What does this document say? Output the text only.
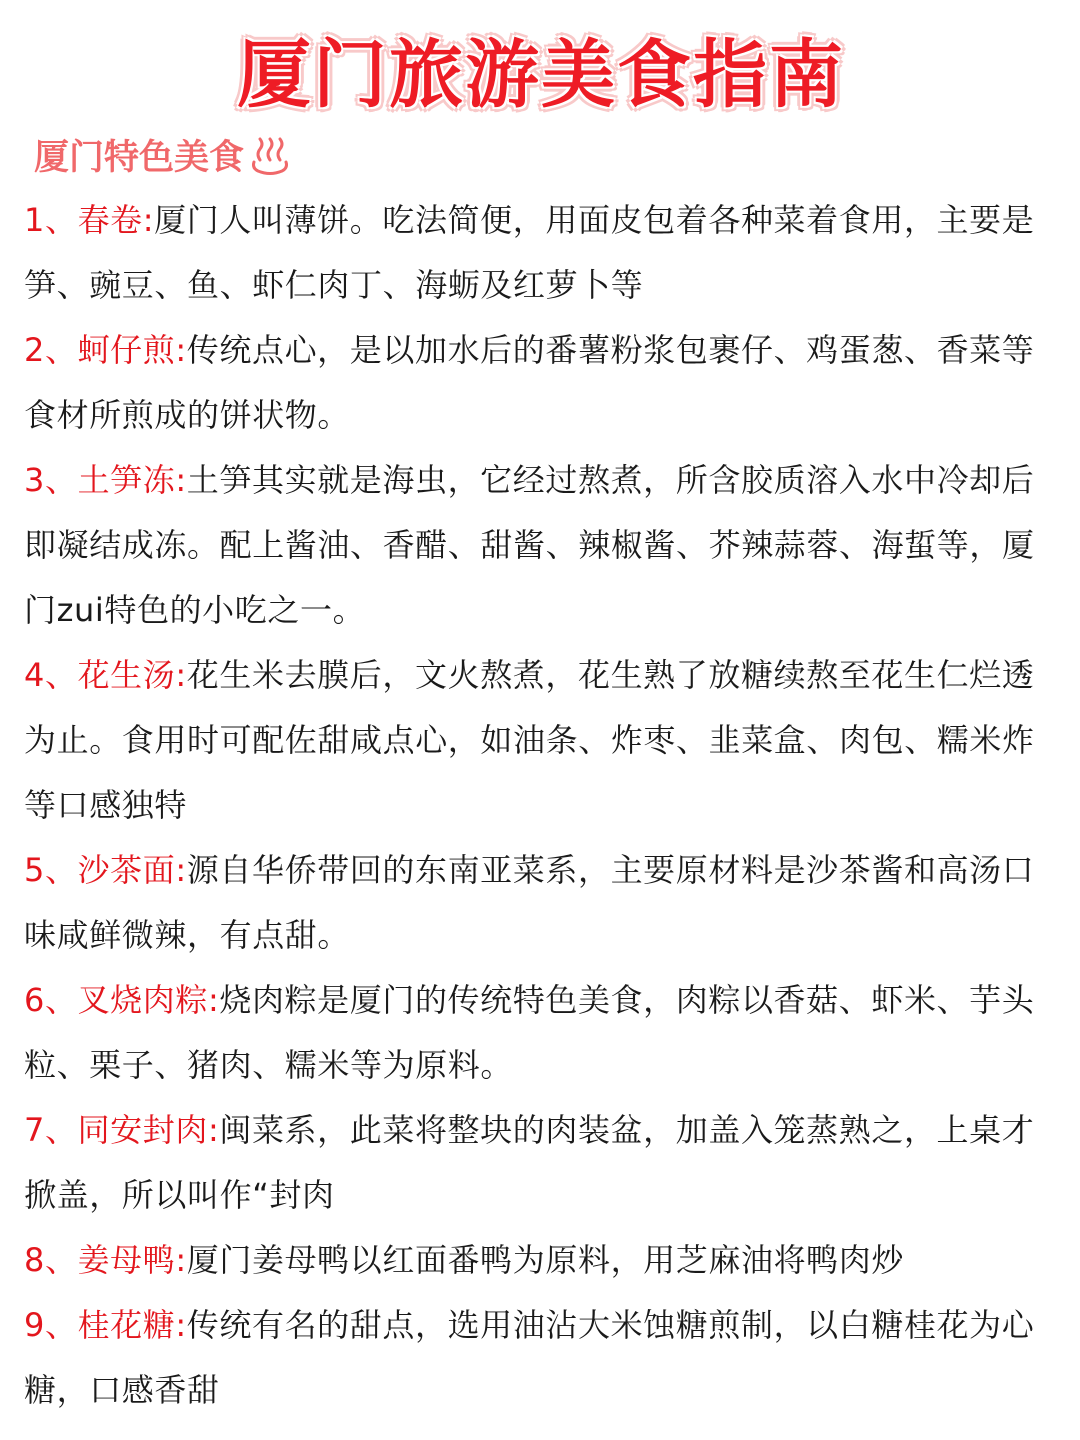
厦门旅游美食指南
厦门特色美食
1、春卷:厦门人叫薄饼。吃法简便，用面皮包着各种菜着食用，主要是笋、豌豆、鱼、虾仁肉丁、海蛎及红萝卜等
2、蚵仔煎:传统点心，是以加水后的番薯粉浆包裹仔、鸡蛋葱、香菜等食材所煎成的饼状物。
3、土笋冻:土笋其实就是海虫，它经过熬煮，所含胶质溶入水中冷却后即凝结成冻。配上酱油、香醋、甜酱、辣椒酱、芥辣蒜蓉、海蜇等，厦门zui特色的小吃之一。
4、花生汤:花生米去膜后，文火熬煮，花生熟了放糖续熬至花生仁烂透为止。食用时可配佐甜咸点心，如油条、炸枣、韭菜盒、肉包、糯米炸等口感独特
5、沙茶面:源自华侨带回的东南亚菜系，主要原材料是沙茶酱和高汤口味咸鲜微辣，有点甜。
6、叉烧肉粽:烧肉粽是厦门的传统特色美食，肉粽以香菇、虾米、芋头粒、栗子、猪肉、糯米等为原料。
7、同安封肉:闽菜系，此菜将整块的肉装盆，加盖入笼蒸熟之，上桌才掀盖，所以叫作“封肉
8、姜母鸭:厦门姜母鸭以红面番鸭为原料，用芝麻油将鸭肉炒
9、桂花糖:传统有名的甜点，选用油沾大米蚀糖煎制，以白糖桂花为心糖，口感香甜
